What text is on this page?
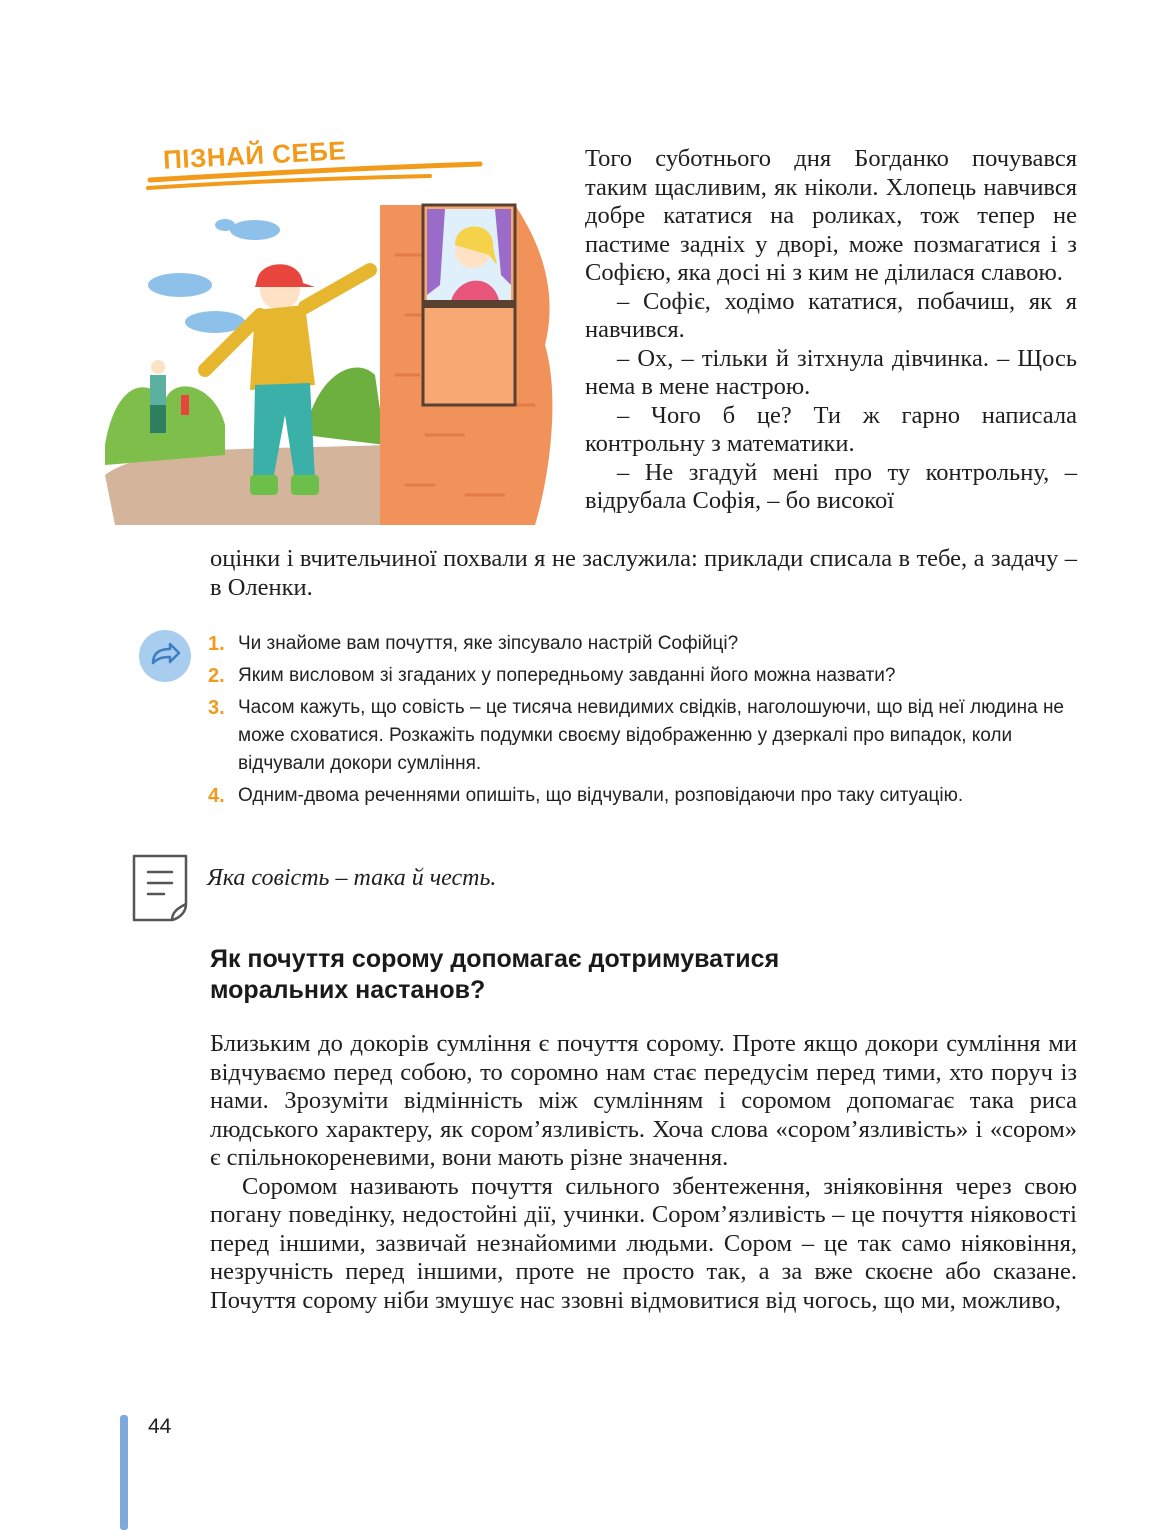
ПІЗНАЙ СЕБЕ	Того суботнього дня Богданко почувався таким щасливим, як ніколи. Хлопець навчився добре кататися на роликах, тож тепер не пастиме задніх у дворі, може позмагатися і з Софією, яка досі ні з ким не ділилася славою.

– Софіє, ходімо кататися, побачиш, як я навчився.

– Ох, – тільки й зітхнула дівчинка. – Щось нема в мене настрою.

– Чого б це? Ти ж гарно написала контрольну з математики.

– Не згадуй мені про ту контрольну, – відрубала Софія, – бо високої

оцінки і вчительчиної похвали я не заслужила: приклади списала в тебе, а задачу – в Оленки.

1. Чи знайоме вам почуття, яке зіпсувало настрій Софійці?
2. Яким висловом зі згаданих у попередньому завданні його можна назвати?
3. Часом кажуть, що совість – це тисяча невидимих свідків, наголошуючи, що від неї людина не може сховатися. Розкажіть подумки своєму відображенню у дзеркалі про випадок, коли відчували докори сумління.
4. Одним-двома реченнями опишіть, що відчували, розповідаючи про таку ситуацію.
Яка совість – така й честь.
Як почуття сорому допомагає дотримуватися моральних настанов?

Близьким до докорів сумління є почуття сорому. Проте якщо докори сумління ми відчуваємо перед собою, то соромно нам стає передусім перед тими, хто поруч із нами. Зрозуміти відмінність між сумлінням і соромом допомагає така риса людського характеру, як сором’язливість. Хоча слова «сором’язливість» і «сором» є спільнокореневими, вони мають різне значення.

Соромом називають почуття сильного збентеження, зніяковіння через свою погану поведінку, недостойні дії, учинки. Сором’язливість – це почуття ніяковості перед іншими, зазвичай незнайомими людьми. Сором – це так само ніяковіння, незручність перед іншими, проте не просто так, а за вже скоєне або сказане. Почуття сорому ніби змушує нас ззовні відмовитися від чогось, що ми, можливо,

44
